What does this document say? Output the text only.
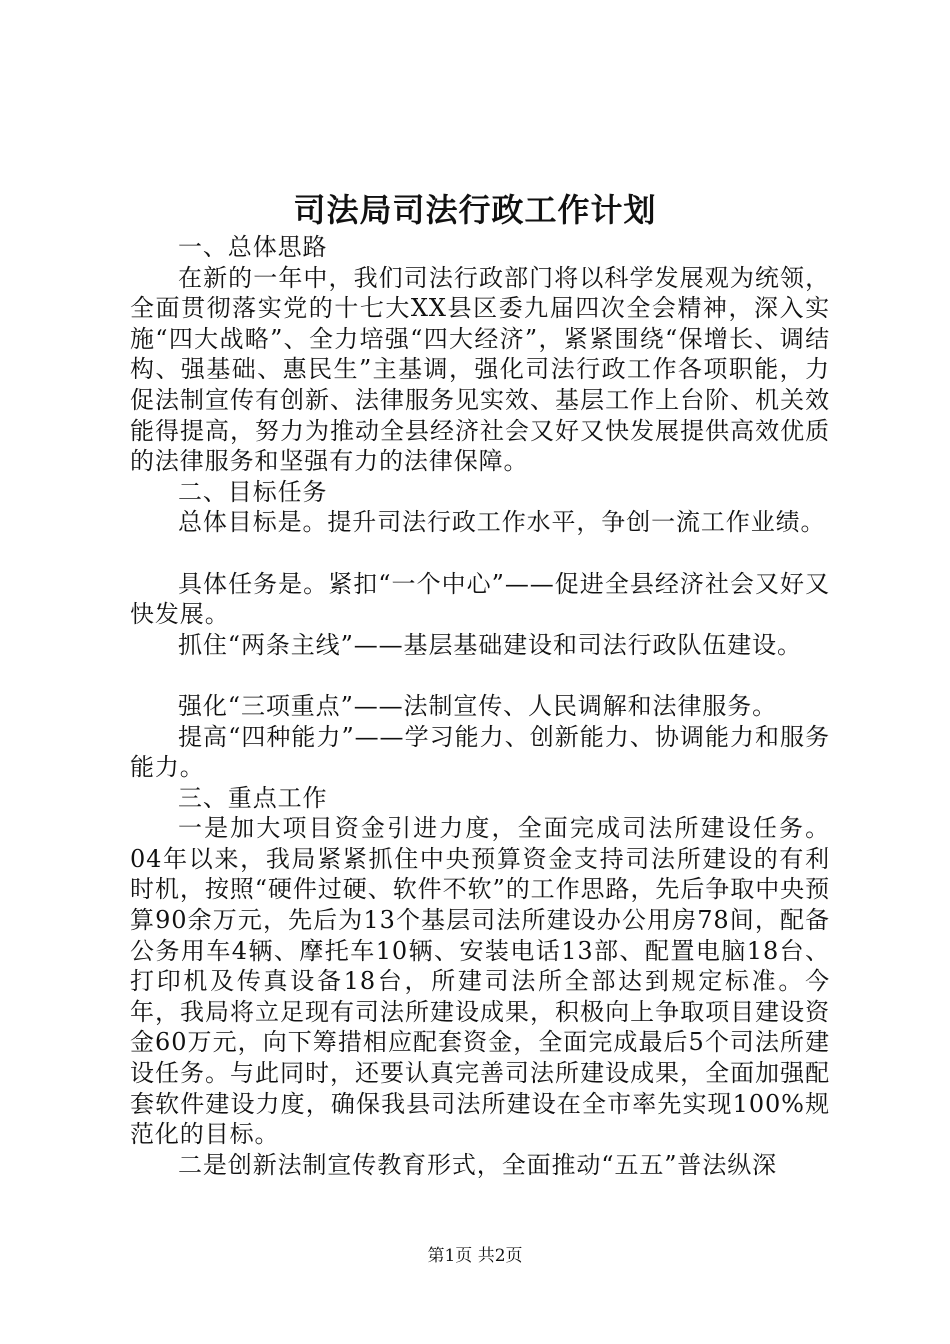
司法局司法行政工作计划

一、总体思路

在新的一年中，我们司法行政部门将以科学发展观为统领，全面贯彻落实党的十七大XX县区委九届四次全会精神，深入实施“四大战略”、全力培强“四大经济”，紧紧围绕“保增长、调结构、强基础、惠民生”主基调，强化司法行政工作各项职能，力促法制宣传有创新、法律服务见实效、基层工作上台阶、机关效能得提高，努力为推动全县经济社会又好又快发展提供高效优质的法律服务和坚强有力的法律保障。

二、目标任务

总体目标是。提升司法行政工作水平，争创一流工作业绩。

具体任务是。紧扣“一个中心”——促进全县经济社会又好又快发展。

抓住“两条主线”——基层基础建设和司法行政队伍建设。

强化“三项重点”——法制宣传、人民调解和法律服务。

提高“四种能力”——学习能力、创新能力、协调能力和服务能力。

三、重点工作

一是加大项目资金引进力度，全面完成司法所建设任务。04年以来，我局紧紧抓住中央预算资金支持司法所建设的有利时机，按照“硬件过硬、软件不软”的工作思路，先后争取中央预算90余万元，先后为13个基层司法所建设办公用房78间，配备公务用车4辆、摩托车10辆、安装电话13部、配置电脑18台、打印机及传真设备18台，所建司法所全部达到规定标准。今年，我局将立足现有司法所建设成果，积极向上争取项目建设资金60万元，向下筹措相应配套资金，全面完成最后5个司法所建设任务。与此同时，还要认真完善司法所建设成果，全面加强配套软件建设力度，确保我县司法所建设在全市率先实现100%规范化的目标。

二是创新法制宣传教育形式，全面推动“五五”普法纵深

第1页 共2页
